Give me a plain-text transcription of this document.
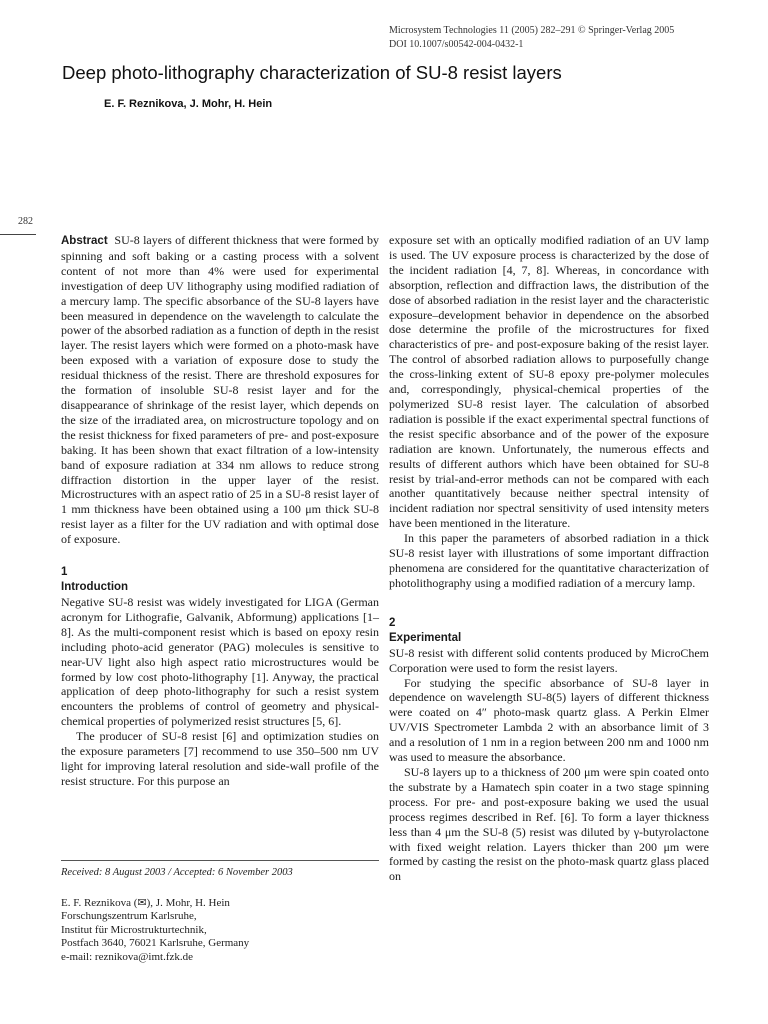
Microsystem Technologies 11 (2005) 282–291 © Springer-Verlag 2005
DOI 10.1007/s00542-004-0432-1
Deep photo-lithography characterization of SU-8 resist layers
E. F. Reznikova, J. Mohr, H. Hein
282

Abstract SU-8 layers of different thickness that were formed by spinning and soft baking or a casting process with a solvent content of not more than 4% were used for experimental investigation of deep UV lithography using modified radiation of a mercury lamp. The specific absorbance of the SU-8 layers have been measured in dependence on the wavelength to calculate the power of the absorbed radiation as a function of depth in the resist layer. The resist layers which were formed on a photo-mask have been exposed with a variation of exposure dose to study the residual thickness of the resist. There are threshold exposures for the formation of insoluble SU-8 resist layer and for the disappearance of shrinkage of the resist layer, which depends on the size of the irradiated area, on microstructure topology and on the resist thickness for fixed parameters of pre- and post-exposure baking. It has been shown that exact filtration of a low-intensity band of exposure radiation at 334 nm allows to reduce strong diffraction distortion in the upper layer of the resist. Microstructures with an aspect ratio of 25 in a SU-8 resist layer of 1 mm thickness have been obtained using a 100 μm thick SU-8 resist layer as a filter for the UV radiation and with optimal dose of exposure.

1
Introduction

Negative SU-8 resist was widely investigated for LIGA (German acronym for Lithografie, Galvanik, Abformung) applications [1–8]. As the multi-component resist which is based on epoxy resin including photo-acid generator (PAG) molecules is sensitive to near-UV light also high aspect ratio microstructures would be formed by low cost photo-lithography [1]. Anyway, the practical application of deep photo-lithography for such a resist system encounters the problems of control of geometry and physical-chemical properties of polymerized resist structures [5, 6].

The producer of SU-8 resist [6] and optimization studies on the exposure parameters [7] recommend to use 350–500 nm UV light for improving lateral resolution and side-wall profile of the resist structure. For this purpose an

exposure set with an optically modified radiation of an UV lamp is used. The UV exposure process is characterized by the dose of the incident radiation [4, 7, 8]. Whereas, in concordance with absorption, reflection and diffraction laws, the distribution of the dose of absorbed radiation in the resist layer and the characteristic exposure–development behavior in dependence on the absorbed dose determine the profile of the microstructures for fixed characteristics of pre- and post-exposure baking of the resist layer. The control of absorbed radiation allows to purposefully change the cross-linking extent of SU-8 epoxy pre-polymer molecules and, correspondingly, physical-chemical properties of the polymerized SU-8 resist layer. The calculation of absorbed radiation is possible if the exact experimental spectral functions of the resist specific absorbance and of the power of the exposure radiation are known. Unfortunately, the numerous effects and results of different authors which have been obtained for SU-8 resist by trial-and-error methods can not be compared with each another quantitatively because neither spectral intensity of incident radiation nor spectral sensitivity of used intensity meters have been mentioned in the literature.

In this paper the parameters of absorbed radiation in a thick SU-8 resist layer with illustrations of some important diffraction phenomena are considered for the quantitative characterization of photolithography using a modified radiation of a mercury lamp.

2
Experimental

SU-8 resist with different solid contents produced by MicroChem Corporation were used to form the resist layers.

For studying the specific absorbance of SU-8 layer in dependence on wavelength SU-8(5) layers of different thickness were coated on 4″ photo-mask quartz glass. A Perkin Elmer UV/VIS Spectrometer Lambda 2 with an absorbance limit of 3 and a resolution of 1 nm in a region between 200 nm and 1000 nm was used to measure the absorbance.

SU-8 layers up to a thickness of 200 μm were spin coated onto the substrate by a Hamatech spin coater in a two stage spinning process. For pre- and post-exposure baking we used the usual process regimes described in Ref. [6]. To form a layer thickness less than 4 μm the SU-8 (5) resist was diluted by γ-butyrolactone with fixed weight relation. Layers thicker than 200 μm were formed by casting the resist on the photo-mask quartz glass placed on

Received: 8 August 2003 / Accepted: 6 November 2003
E. F. Reznikova (✉), J. Mohr, H. Hein
Forschungszentrum Karlsruhe,
Institut für Microstrukturtechnik,
Postfach 3640, 76021 Karlsruhe, Germany
e-mail: reznikova@imt.fzk.de
